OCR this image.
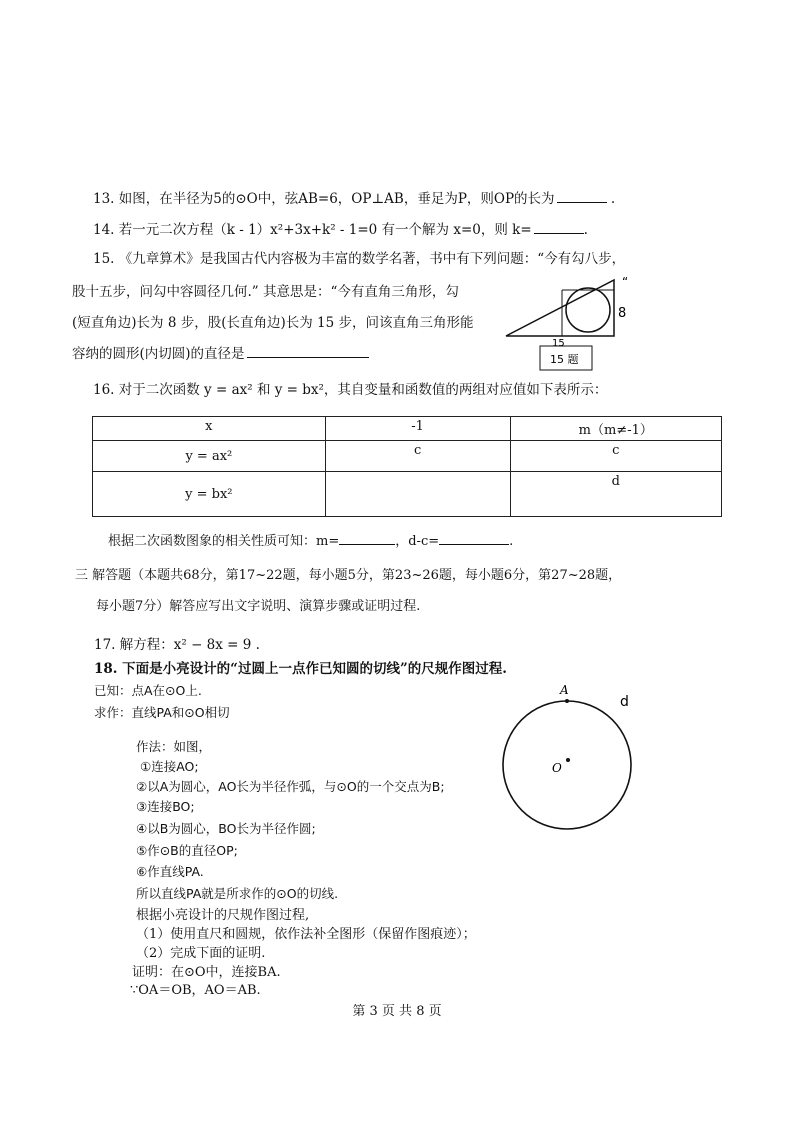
13. 如图，在半径为5的⊙O中，弦AB=6，OP⊥AB，垂足为P，则OP的长为	.
14. 若一元二次方程（k - 1）x²+3x+k² - 1=0 有一个解为 x=0，则 k=	.
15. 《九章算术》是我国古代内容极为丰富的数学名著，书中有下列问题：“今有勾八步，
股十五步，问勾中容圆径几何.” 其意思是：“今有直角三角形，勾
(短直角边)长为 8 步，股(长直角边)长为 15 步，问该直角三角形能
容纳的圆形(内切圆)的直径是
8
15
“
15 题
16. 对于二次函数 y = ax² 和 y = bx²，其自变量和函数值的两组对应值如下表所示：
x	-1	m（m≠-1）
y = ax²	c	c
y = bx²		d
根据二次函数图象的相关性质可知：m=	，d-c=	.
三 解答题（本题共68分，第17~22题，每小题5分，第23~26题，每小题6分，第27~28题，
每小题7分）解答应写出文字说明、演算步骤或证明过程.
17. 解方程：x² − 8x = 9 .
18. 下面是小亮设计的“过圆上一点作已知圆的切线”的尺规作图过程.
已知：点A在⊙O上.
求作：直线PA和⊙O相切
作法：如图，
①连接AO;
②以A为圆心，AO长为半径作弧，与⊙O的一个交点为B;
③连接BO;
④以B为圆心，BO长为半径作圆;
⑤作⊙B的直径OP;
⑥作直线PA.
所以直线PA就是所求作的⊙O的切线.
根据小亮设计的尺规作图过程,
（1）使用直尺和圆规，依作法补全图形（保留作图痕迹）；
（2）完成下面的证明.
证明：在⊙O中，连接BA.
∵OA＝OB，AO＝AB.
A
O
d
第 3 页 共 8 页
